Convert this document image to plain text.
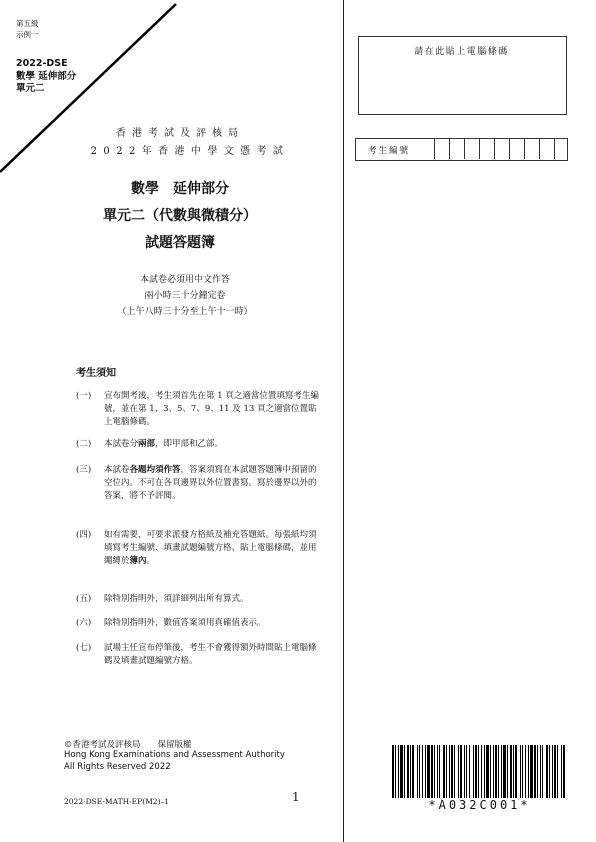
第五級
示例一
2022-DSE
數學 延伸部分
單元二
香港考試及評核局
2022年香港中學文憑考試
數學　延伸部分
單元二（代數與微積分）
試題答題簿
本試卷必須用中文作答
兩小時三十分鐘完卷
（上午八時三十分至上午十一時）
考生須知
(一)	宣布開考後，考生須首先在第 1 頁之適當位置填寫考生編號，並在第 1、3、5、7、9、11 及 13 頁之適當位置貼上電腦條碼。
(二)	本試卷分兩部，即甲部和乙部。
(三)	本試卷各題均須作答，答案須寫在本試題答題簿中預留的空位內。不可在各頁邊界以外位置書寫。寫於邊界以外的答案，將不予評閱。
(四)	如有需要，可要求派發方格紙及補充答題紙。每張紙均須填寫考生編號、填畫試題編號方格、貼上電腦條碼，並用繩縛於簿內。
(五)	除特別指明外，須詳細列出所有算式。
(六)	除特別指明外，數值答案須用真確值表示。
(七)	試場主任宣布停筆後，考生不會獲得額外時間貼上電腦條碼及填畫試題編號方格。
請在此貼上電腦條碼
考生編號
©香港考試及評核局　　保留版權
Hong Kong Examinations and Assessment Authority
All Rights Reserved 2022
2022-DSE-MATH-EP(M2)–1	1
*A032C001*
